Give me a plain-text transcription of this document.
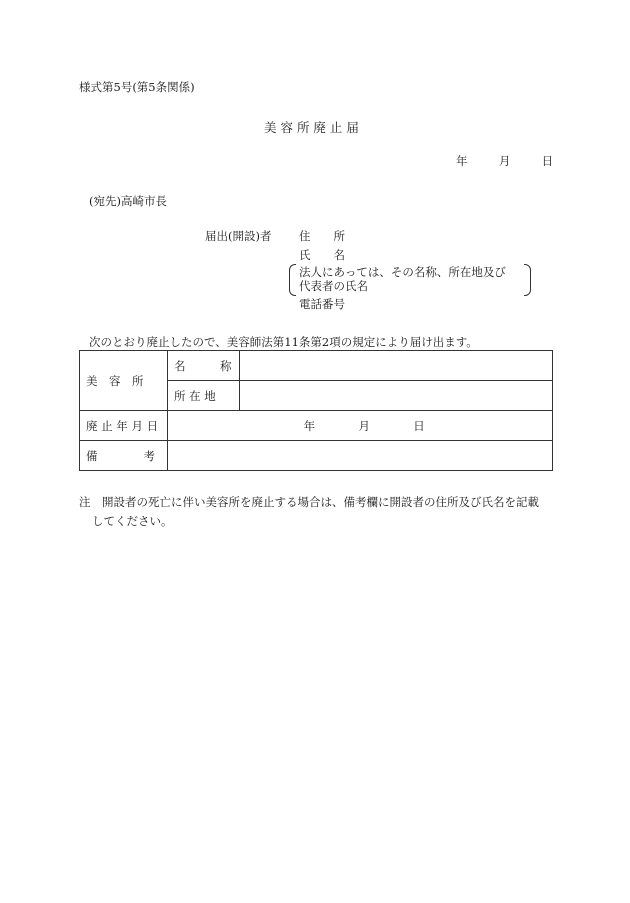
様式第5号(第5条関係)
美 容 所 廃 止 届
年	月	日
(宛先)高崎市長
届出(開設)者 住　　所
氏　　名
法人にあっては、その名称、所在地及び
代表者の氏名
電話番号
次のとおり廃止したので、美容師法第11条第2項の規定により届け出ます。
美　容　所	名　　　称	
	所 在 地	
廃 止 年 月 日	年 月 日	
備　　　　考		
注 開設者の死亡に伴い美容所を廃止する場合は、備考欄に開設者の住所及び氏名を記載
してください。
